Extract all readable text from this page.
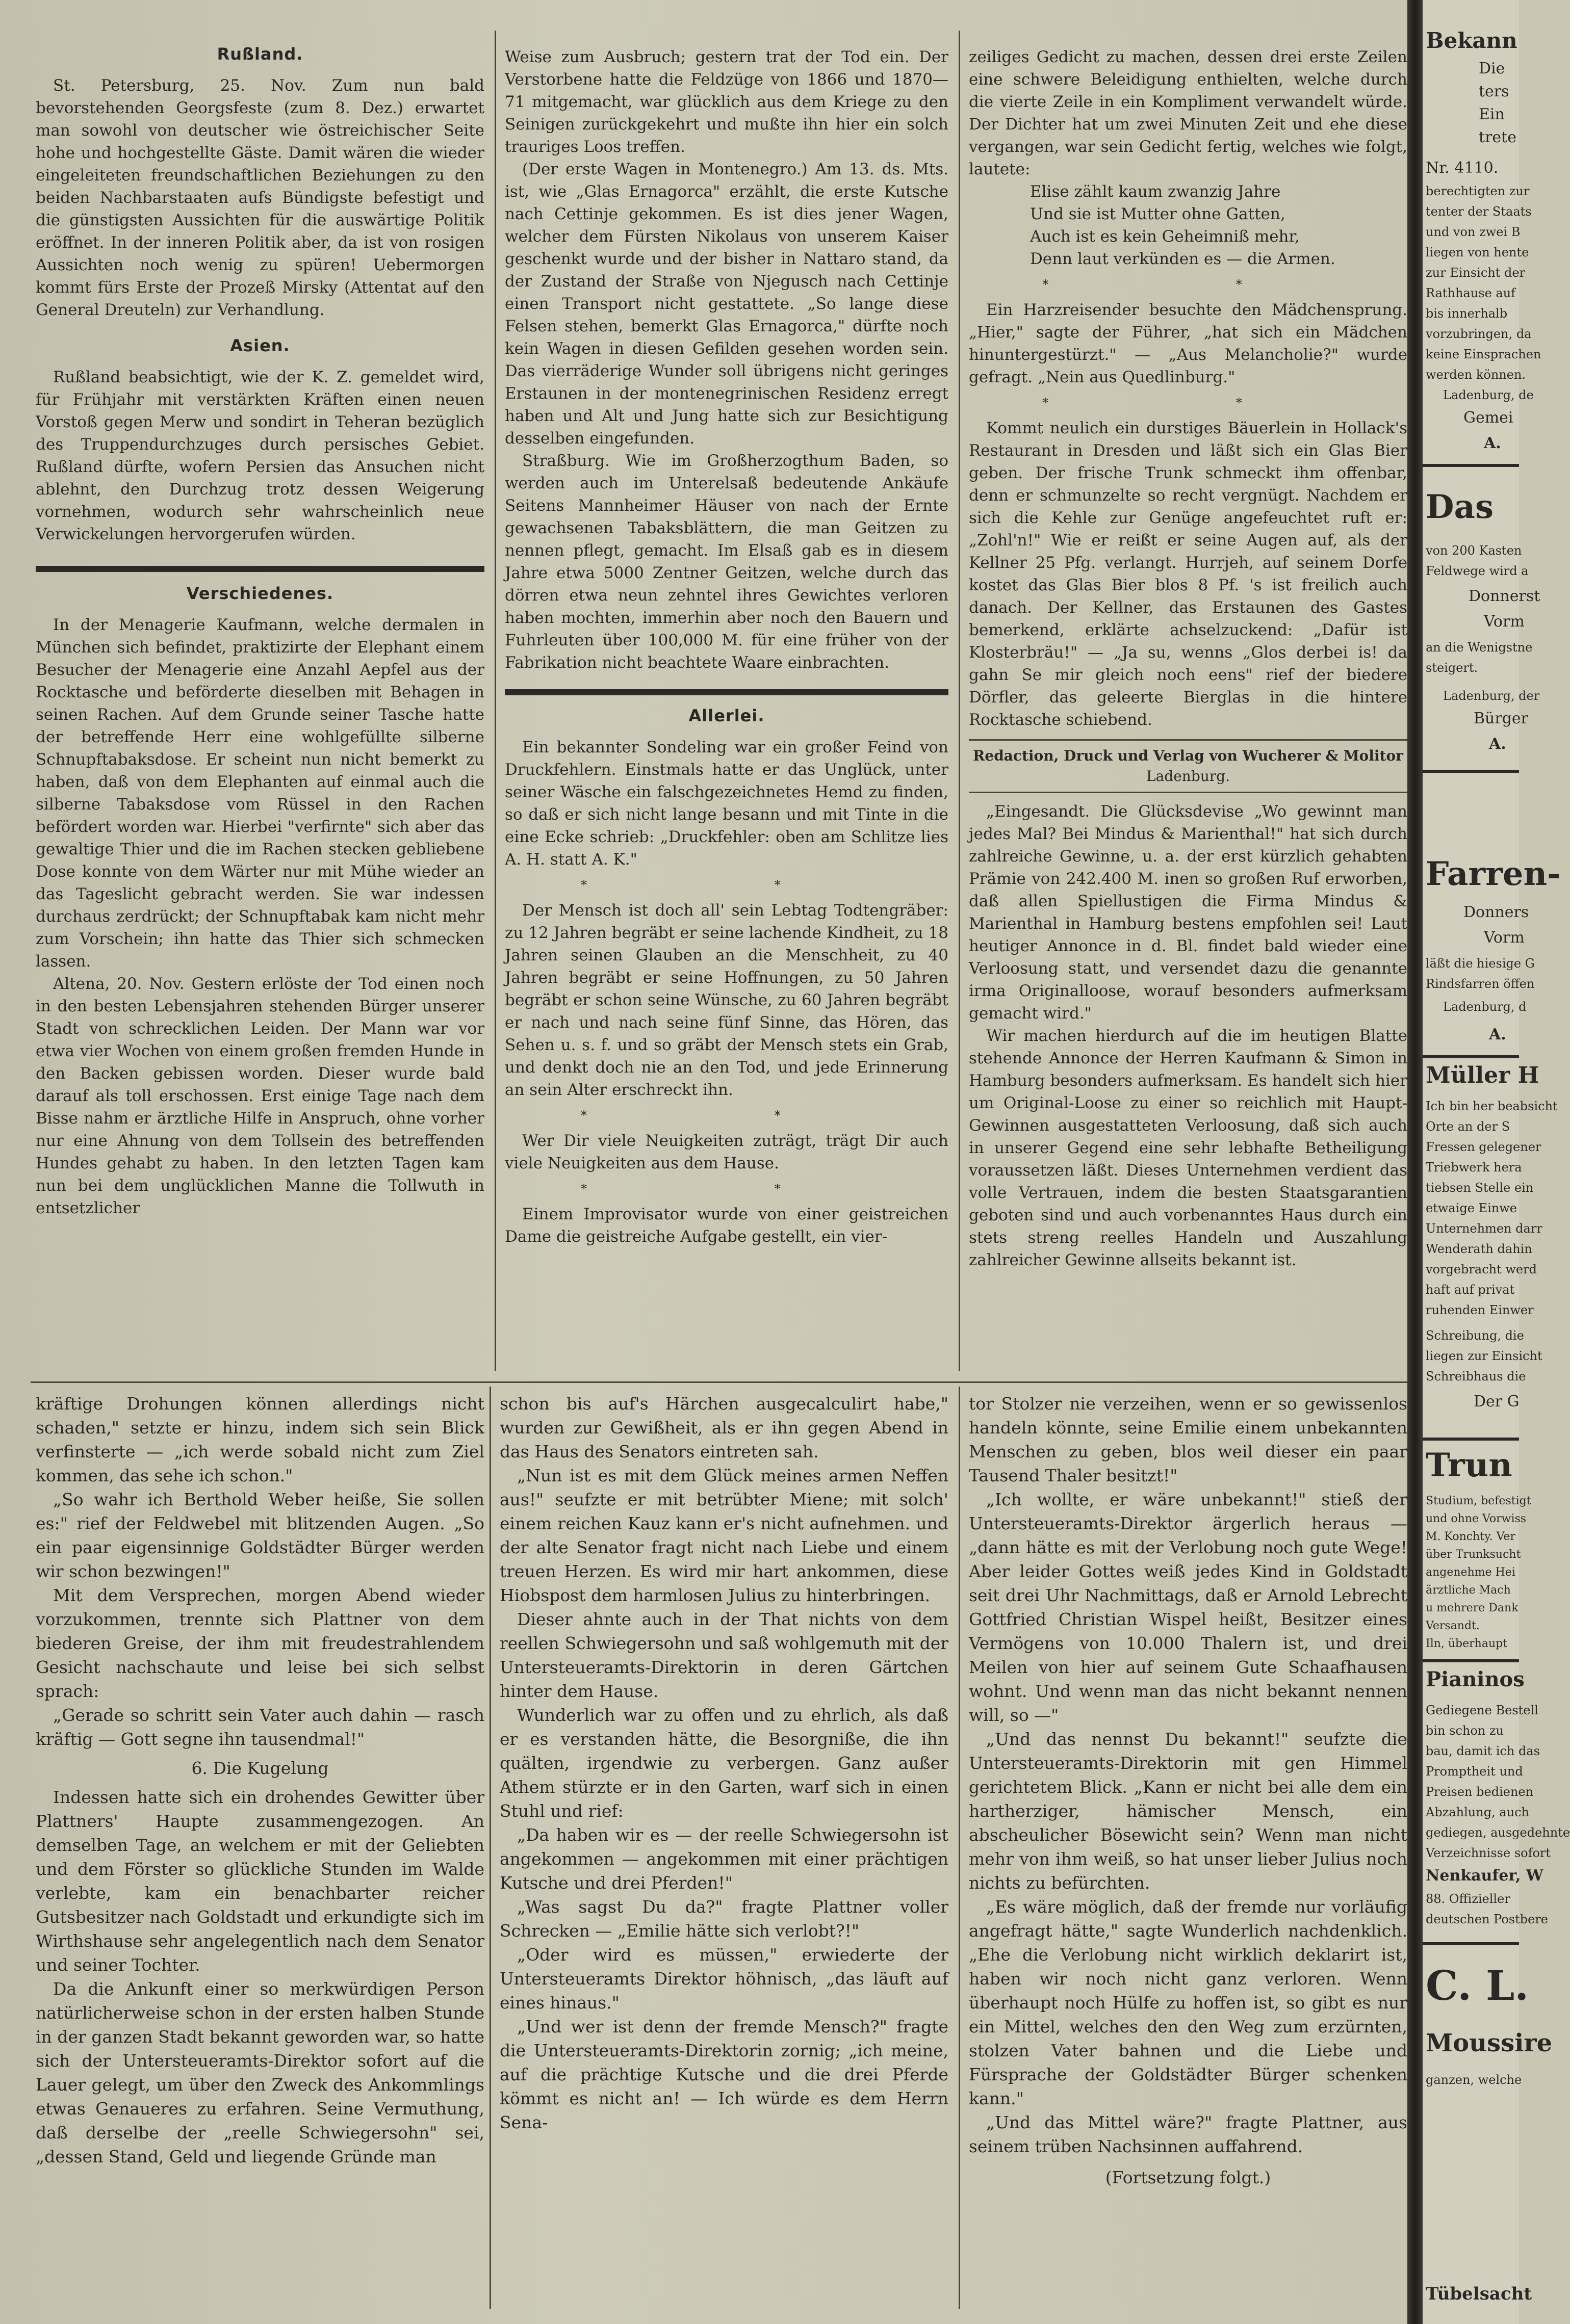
Rußland.

St. Petersburg, 25. Nov. Zum nun bald bevorstehenden Georgsfeste (zum 8. Dez.) erwartet man sowohl von deutscher wie östreichischer Seite hohe und hochgestellte Gäste. Damit wären die wieder eingeleiteten freundschaftlichen Beziehungen zu den beiden Nachbarstaaten aufs Bündigste befestigt und die günstigsten Aussichten für die auswärtige Politik eröffnet. In der inneren Politik aber, da ist von rosigen Aussichten noch wenig zu spüren! Uebermorgen kommt fürs Erste der Prozeß Mirsky (Attentat auf den General Dreuteln) zur Verhandlung.

Asien.

Rußland beabsichtigt, wie der K. Z. gemeldet wird, für Frühjahr mit verstärkten Kräften einen neuen Vorstoß gegen Merw und sondirt in Teheran bezüglich des Truppendurchzuges durch persisches Gebiet. Rußland dürfte, wofern Persien das Ansuchen nicht ablehnt, den Durchzug trotz dessen Weigerung vornehmen, wodurch sehr wahrscheinlich neue Verwickelungen hervorgerufen würden.

Verschiedenes.

In der Menagerie Kaufmann, welche dermalen in München sich befindet, praktizirte der Elephant einem Besucher der Menagerie eine Anzahl Aepfel aus der Rocktasche und beförderte dieselben mit Behagen in seinen Rachen. Auf dem Grunde seiner Tasche hatte der betreffende Herr eine wohlgefüllte silberne Schnupftabaksdose. Er scheint nun nicht bemerkt zu haben, daß von dem Elephanten auf einmal auch die silberne Tabaksdose vom Rüssel in den Rachen befördert worden war. Hierbei "verfirnte" sich aber das gewaltige Thier und die im Rachen stecken gebliebene Dose konnte von dem Wärter nur mit Mühe wieder an das Tageslicht gebracht werden. Sie war indessen durchaus zerdrückt; der Schnupftabak kam nicht mehr zum Vorschein; ihn hatte das Thier sich schmecken lassen.

Altena, 20. Nov. Gestern erlöste der Tod einen noch in den besten Lebensjahren stehenden Bürger unserer Stadt von schrecklichen Leiden. Der Mann war vor etwa vier Wochen von einem großen fremden Hunde in den Backen gebissen worden. Dieser wurde bald darauf als toll erschossen. Erst einige Tage nach dem Bisse nahm er ärztliche Hilfe in Anspruch, ohne vorher nur eine Ahnung von dem Tollsein des betreffenden Hundes gehabt zu haben. In den letzten Tagen kam nun bei dem unglücklichen Manne die Tollwuth in entsetzlicher

Weise zum Ausbruch; gestern trat der Tod ein. Der Verstorbene hatte die Feldzüge von 1866 und 1870—71 mitgemacht, war glücklich aus dem Kriege zu den Seinigen zurückgekehrt und mußte ihn hier ein solch trauriges Loos treffen.

(Der erste Wagen in Montenegro.) Am 13. ds. Mts. ist, wie „Glas Ernagorca" erzählt, die erste Kutsche nach Cettinje gekommen. Es ist dies jener Wagen, welcher dem Fürsten Nikolaus von unserem Kaiser geschenkt wurde und der bisher in Nattaro stand, da der Zustand der Straße von Njegusch nach Cettinje einen Transport nicht gestattete. „So lange diese Felsen stehen, bemerkt Glas Ernagorca," dürfte noch kein Wagen in diesen Gefilden gesehen worden sein. Das vierräderige Wunder soll übrigens nicht geringes Erstaunen in der montenegrinischen Residenz erregt haben und Alt und Jung hatte sich zur Besichtigung desselben eingefunden.

Straßburg. Wie im Großherzogthum Baden, so werden auch im Unterelsaß bedeutende Ankäufe Seitens Mannheimer Häuser von nach der Ernte gewachsenen Tabaksblättern, die man Geitzen zu nennen pflegt, gemacht. Im Elsaß gab es in diesem Jahre etwa 5000 Zentner Geitzen, welche durch das dörren etwa neun zehntel ihres Gewichtes verloren haben mochten, immerhin aber noch den Bauern und Fuhrleuten über 100,000 M. für eine früher von der Fabrikation nicht beachtete Waare einbrachten.

Allerlei.

Ein bekannter Sondeling war ein großer Feind von Druckfehlern. Einstmals hatte er das Unglück, unter seiner Wäsche ein falschgezeichnetes Hemd zu finden, so daß er sich nicht lange besann und mit Tinte in die eine Ecke schrieb: „Druckfehler: oben am Schlitze lies A. H. statt A. K."

* *

Der Mensch ist doch all' sein Lebtag Todtengräber: zu 12 Jahren begräbt er seine lachende Kindheit, zu 18 Jahren seinen Glauben an die Menschheit, zu 40 Jahren begräbt er seine Hoffnungen, zu 50 Jahren begräbt er schon seine Wünsche, zu 60 Jahren begräbt er nach und nach seine fünf Sinne, das Hören, das Sehen u. s. f. und so gräbt der Mensch stets ein Grab, und denkt doch nie an den Tod, und jede Erinnerung an sein Alter erschreckt ihn.

* *

Wer Dir viele Neuigkeiten zuträgt, trägt Dir auch viele Neuigkeiten aus dem Hause.

* *

Einem Improvisator wurde von einer geistreichen Dame die geistreiche Aufgabe gestellt, ein vier-

zeiliges Gedicht zu machen, dessen drei erste Zeilen eine schwere Beleidigung enthielten, welche durch die vierte Zeile in ein Kompliment verwandelt würde. Der Dichter hat um zwei Minuten Zeit und ehe diese vergangen, war sein Gedicht fertig, welches wie folgt, lautete:

Elise zählt kaum zwanzig Jahre

Und sie ist Mutter ohne Gatten,

Auch ist es kein Geheimniß mehr,

Denn laut verkünden es — die Armen.

* *

Ein Harzreisender besuchte den Mädchensprung. „Hier," sagte der Führer, „hat sich ein Mädchen hinuntergestürzt." — „Aus Melancholie?" wurde gefragt. „Nein aus Quedlinburg."

* *

Kommt neulich ein durstiges Bäuerlein in Hollack's Restaurant in Dresden und läßt sich ein Glas Bier geben. Der frische Trunk schmeckt ihm offenbar, denn er schmunzelte so recht vergnügt. Nachdem er sich die Kehle zur Genüge angefeuchtet ruft er: „Zohl'n!" Wie er reißt er seine Augen auf, als der Kellner 25 Pfg. verlangt. Hurrjeh, auf seinem Dorfe kostet das Glas Bier blos 8 Pf. 's ist freilich auch danach. Der Kellner, das Erstaunen des Gastes bemerkend, erklärte achselzuckend: „Dafür ist Klosterbräu!" — „Ja su, wenns „Glos derbei is! da gahn Se mir gleich noch eens" rief der biedere Dörfler, das geleerte Bierglas in die hintere Rocktasche schiebend.

Redaction, Druck und Verlag von Wucherer & Molitor
Ladenburg.

„Eingesandt. Die Glücksdevise „Wo gewinnt man jedes Mal? Bei Mindus & Marienthal!" hat sich durch zahlreiche Gewinne, u. a. der erst kürzlich gehabten Prämie von 242.400 M. inen so großen Ruf erworben, daß allen Spiellustigen die Firma Mindus & Marienthal in Hamburg bestens empfohlen sei! Laut heutiger Annonce in d. Bl. findet bald wieder eine Verloosung statt, und versendet dazu die genannte irma Originalloose, worauf besonders aufmerksam gemacht wird."

Wir machen hierdurch auf die im heutigen Blatte stehende Annonce der Herren Kaufmann & Simon in Hamburg besonders aufmerksam. Es handelt sich hier um Original-Loose zu einer so reichlich mit Haupt-Gewinnen ausgestatteten Verloosung, daß sich auch in unserer Gegend eine sehr lebhafte Betheiligung voraussetzen läßt. Dieses Unternehmen verdient das volle Vertrauen, indem die besten Staatsgarantien geboten sind und auch vorbenanntes Haus durch ein stets streng reelles Handeln und Auszahlung zahlreicher Gewinne allseits bekannt ist.

kräftige Drohungen können allerdings nicht schaden," setzte er hinzu, indem sich sein Blick verfinsterte — „ich werde sobald nicht zum Ziel kommen, das sehe ich schon."

„So wahr ich Berthold Weber heiße, Sie sollen es:" rief der Feldwebel mit blitzenden Augen. „So ein paar eigensinnige Goldstädter Bürger werden wir schon bezwingen!"

Mit dem Versprechen, morgen Abend wieder vorzukommen, trennte sich Plattner von dem biederen Greise, der ihm mit freudestrahlendem Gesicht nachschaute und leise bei sich selbst sprach:

„Gerade so schritt sein Vater auch dahin — rasch kräftig — Gott segne ihn tausendmal!"

6. Die Kugelung

Indessen hatte sich ein drohendes Gewitter über Plattners' Haupte zusammengezogen. An demselben Tage, an welchem er mit der Geliebten und dem Förster so glückliche Stunden im Walde verlebte, kam ein benachbarter reicher Gutsbesitzer nach Goldstadt und erkundigte sich im Wirthshause sehr angelegentlich nach dem Senator und seiner Tochter.

Da die Ankunft einer so merkwürdigen Person natürlicherweise schon in der ersten halben Stunde in der ganzen Stadt bekannt geworden war, so hatte sich der Untersteueramts-Direktor sofort auf die Lauer gelegt, um über den Zweck des Ankommlings etwas Genaueres zu erfahren. Seine Vermuthung, daß derselbe der „reelle Schwiegersohn" sei, „dessen Stand, Geld und liegende Gründe man

schon bis auf's Härchen ausgecalculirt habe," wurden zur Gewißheit, als er ihn gegen Abend in das Haus des Senators eintreten sah.

„Nun ist es mit dem Glück meines armen Neffen aus!" seufzte er mit betrübter Miene; mit solch' einem reichen Kauz kann er's nicht aufnehmen. und der alte Senator fragt nicht nach Liebe und einem treuen Herzen. Es wird mir hart ankommen, diese Hiobspost dem harmlosen Julius zu hinterbringen.

Dieser ahnte auch in der That nichts von dem reellen Schwiegersohn und saß wohlgemuth mit der Untersteueramts-Direktorin in deren Gärtchen hinter dem Hause.

Wunderlich war zu offen und zu ehrlich, als daß er es verstanden hätte, die Besorgniße, die ihn quälten, irgendwie zu verbergen. Ganz außer Athem stürzte er in den Garten, warf sich in einen Stuhl und rief:

„Da haben wir es — der reelle Schwiegersohn ist angekommen — angekommen mit einer prächtigen Kutsche und drei Pferden!"

„Was sagst Du da?" fragte Plattner voller Schrecken — „Emilie hätte sich verlobt?!"

„Oder wird es müssen," erwiederte der Untersteueramts Direktor höhnisch, „das läuft auf eines hinaus."

„Und wer ist denn der fremde Mensch?" fragte die Untersteueramts-Direktorin zornig; „ich meine, auf die prächtige Kutsche und die drei Pferde kömmt es nicht an! — Ich würde es dem Herrn Sena-

tor Stolzer nie verzeihen, wenn er so gewissenlos handeln könnte, seine Emilie einem unbekannten Menschen zu geben, blos weil dieser ein paar Tausend Thaler besitzt!"

„Ich wollte, er wäre unbekannt!" stieß der Untersteueramts-Direktor ärgerlich heraus — „dann hätte es mit der Verlobung noch gute Wege! Aber leider Gottes weiß jedes Kind in Goldstadt seit drei Uhr Nachmittags, daß er Arnold Lebrecht Gottfried Christian Wispel heißt, Besitzer eines Vermögens von 10.000 Thalern ist, und drei Meilen von hier auf seinem Gute Schaafhausen wohnt. Und wenn man das nicht bekannt nennen will, so —"

„Und das nennst Du bekannt!" seufzte die Untersteueramts-Direktorin mit gen Himmel gerichtetem Blick. „Kann er nicht bei alle dem ein hartherziger, hämischer Mensch, ein abscheulicher Bösewicht sein? Wenn man nicht mehr von ihm weiß, so hat unser lieber Julius noch nichts zu befürchten.

„Es wäre möglich, daß der fremde nur vorläufig angefragt hätte," sagte Wunderlich nachdenklich. „Ehe die Verlobung nicht wirklich deklarirt ist, haben wir noch nicht ganz verloren. Wenn überhaupt noch Hülfe zu hoffen ist, so gibt es nur ein Mittel, welches den den Weg zum erzürnten, stolzen Vater bahnen und die Liebe und Fürsprache der Goldstädter Bürger schenken kann."

„Und das Mittel wäre?" fragte Plattner, aus seinem trüben Nachsinnen auffahrend.

(Fortsetzung folgt.)

Bekann
Die
ters
Ein
trete
Nr. 4110.
berechtigten zur
tenter der Staats
und von zwei B
liegen von hente
zur Einsicht der
Rathhause auf
bis innerhalb
vorzubringen, da
keine Einsprachen
werden können.
Ladenburg, de
Gemei
A.
Das
von 200 Kasten
Feldwege wird a
Donnerst
Vorm
an die Wenigstne
steigert.
Ladenburg, der
Bürger
A.
Farren-
Donners
Vorm
läßt die hiesige G
Rindsfarren öffen
Ladenburg, d
A.
Müller H
Ich bin her beabsicht
Orte an der S
Fressen gelegener
Triebwerk hera
tiebsen Stelle ein
etwaige Einwe
Unternehmen darr
Wenderath dahin
vorgebracht werd
haft auf privat
ruhenden Einwer
Schreibung, die
liegen zur Einsicht
Schreibhaus die
Der G
Trun
Studium, befestigt
und ohne Vorwiss
M. Konchty. Ver
über Trunksucht
angenehme Hei
ärztliche Mach
u mehrere Dank
Versandt.
Iln, überhaupt
Pianinos
Gediegene Bestell
bin schon zu
bau, damit ich das
Promptheit und
Preisen bedienen
Abzahlung, auch
gediegen, ausgedehnte
Verzeichnisse sofort
Nenkaufer, W
88. Offizieller
deutschen Postbere
C. L.
Moussire
ganzen, welche
Tübelsacht
